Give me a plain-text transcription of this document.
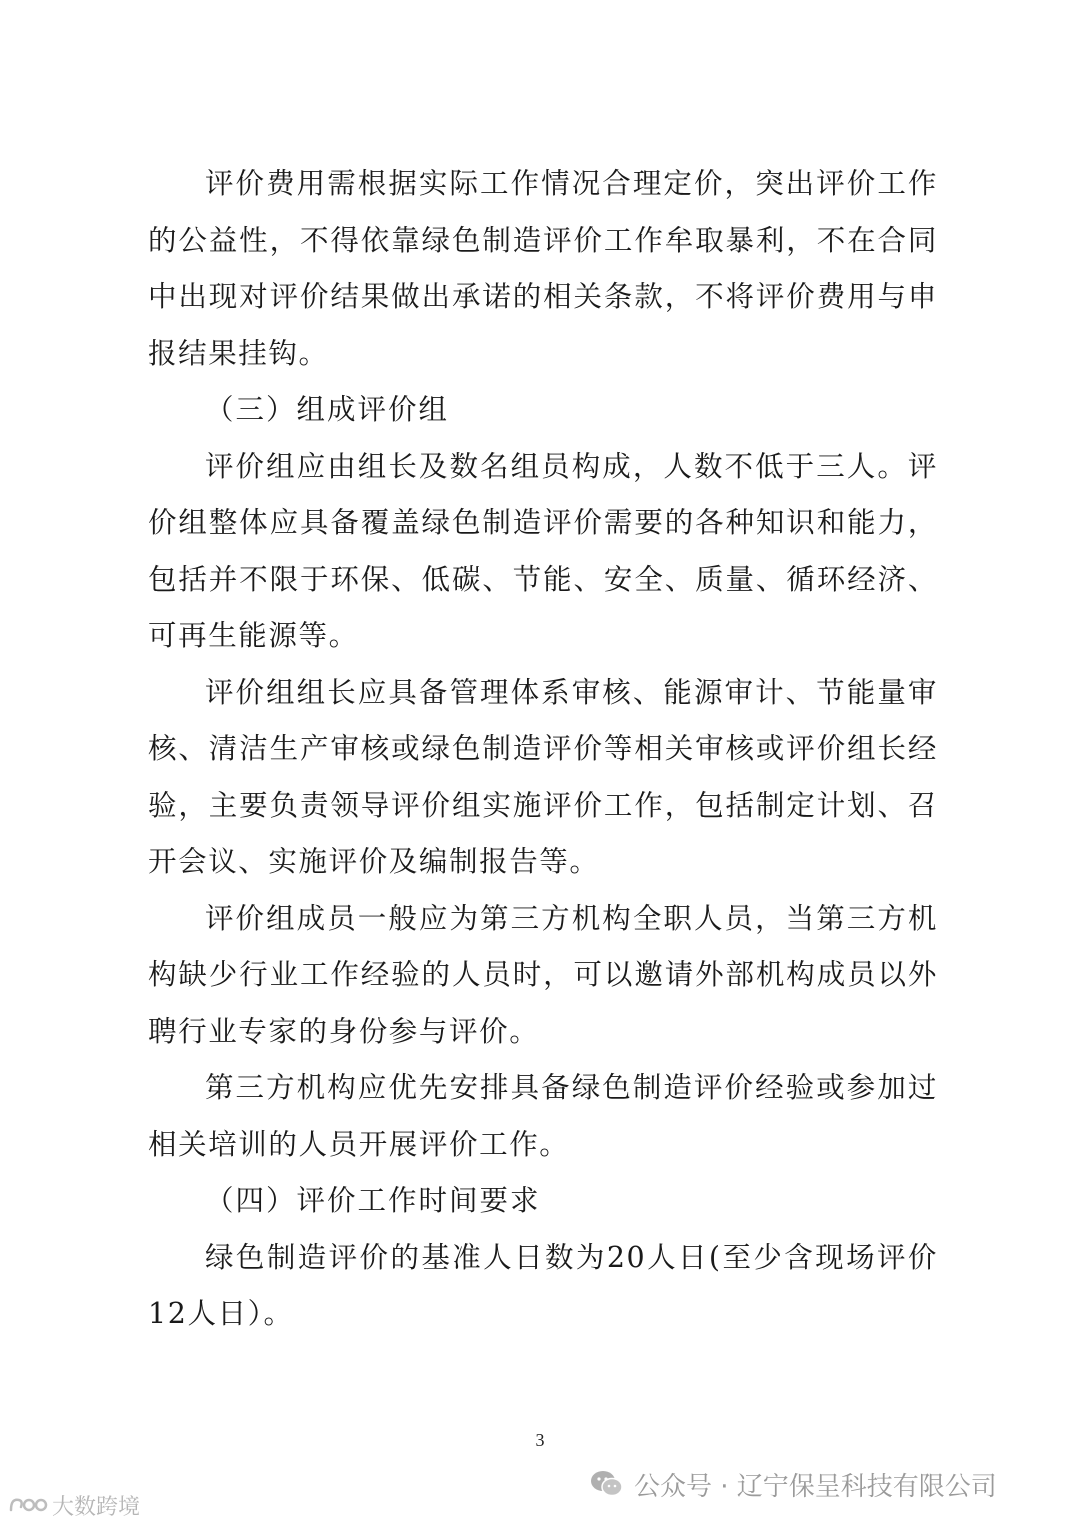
评价费用需根据实际工作情况合理定价，突出评价工作的公益性，不得依靠绿色制造评价工作牟取暴利，不在合同中出现对评价结果做出承诺的相关条款，不将评价费用与申报结果挂钩。

（三）组成评价组

评价组应由组长及数名组员构成，人数不低于三人。评价组整体应具备覆盖绿色制造评价需要的各种知识和能力，包括并不限于环保、低碳、节能、安全、质量、循环经济、可再生能源等。

评价组组长应具备管理体系审核、能源审计、节能量审核、清洁生产审核或绿色制造评价等相关审核或评价组长经验，主要负责领导评价组实施评价工作，包括制定计划、召开会议、实施评价及编制报告等。

评价组成员一般应为第三方机构全职人员，当第三方机构缺少行业工作经验的人员时，可以邀请外部机构成员以外聘行业专家的身份参与评价。

第三方机构应优先安排具备绿色制造评价经验或参加过相关培训的人员开展评价工作。

（四）评价工作时间要求

绿色制造评价的基准人日数为20人日(至少含现场评价12人日）。

3
公众号 · 辽宁保呈科技有限公司
大数跨境
